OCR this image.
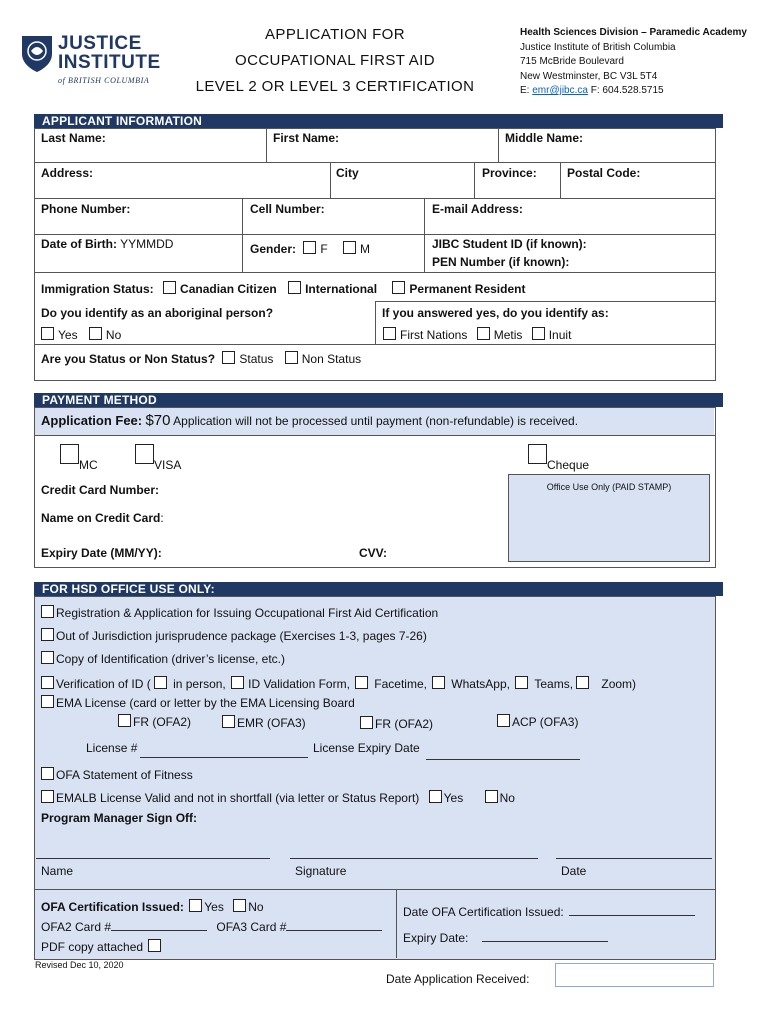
JUSTICE
INSTITUTE
of BRITISH COLUMBIA
APPLICATION FOR
OCCUPATIONAL FIRST AID
LEVEL 2 OR LEVEL 3 CERTIFICATION
Health Sciences Division – Paramedic Academy
Justice Institute of British Columbia
715 McBride Boulevard
New Westminster, BC V3L 5T4
E: emr@jibc.ca F: 604.528.5715
APPLICANT INFORMATION
Last Name:	First Name:	Middle Name:
Address:	City	Province:	Postal Code:
Phone Number:	Cell Number:	E-mail Address:
Date of Birth: YYMMDD	Gender: F	M	JIBC Student ID (if known):
PEN Number (if known):
Immigration Status: Canadian Citizen International	Permanent Resident
Do you identify as an aboriginal person?
Yes No
If you answered yes, do you identify as:
First Nations Metis Inuit
Are you Status or Non Status? Status Non Status
PAYMENT METHOD
Application Fee: $70 Application will not be processed until payment (non-refundable) is received.
MC	VISA	Cheque
Credit Card Number:
Name on Credit Card:
Expiry Date (MM/YY):	CVV:
Office Use Only (PAID STAMP)
FOR HSD OFFICE USE ONLY:
Registration & Application for Issuing Occupational First Aid Certification
Out of Jurisdiction jurisprudence package (Exercises 1-3, pages 7-26)
Copy of Identification (driver’s license, etc.)
Verification of ID ( in person, ID Validation Form, Facetime, WhatsApp, Teams, Zoom)
EMA License (card or letter by the EMA Licensing Board
FR (OFA2)	EMR (OFA3)	FR (OFA2)	ACP (OFA3)
License #	License Expiry Date
OFA Statement of Fitness
EMALB License Valid and not in shortfall (via letter or Status Report) Yes	No
Program Manager Sign Off:
Name	Signature	Date
OFA Certification Issued: Yes No
OFA2 Card #	OFA3 Card #
PDF copy attached
Date OFA Certification Issued:
Expiry Date:
Revised Dec 10, 2020
Date Application Received:
